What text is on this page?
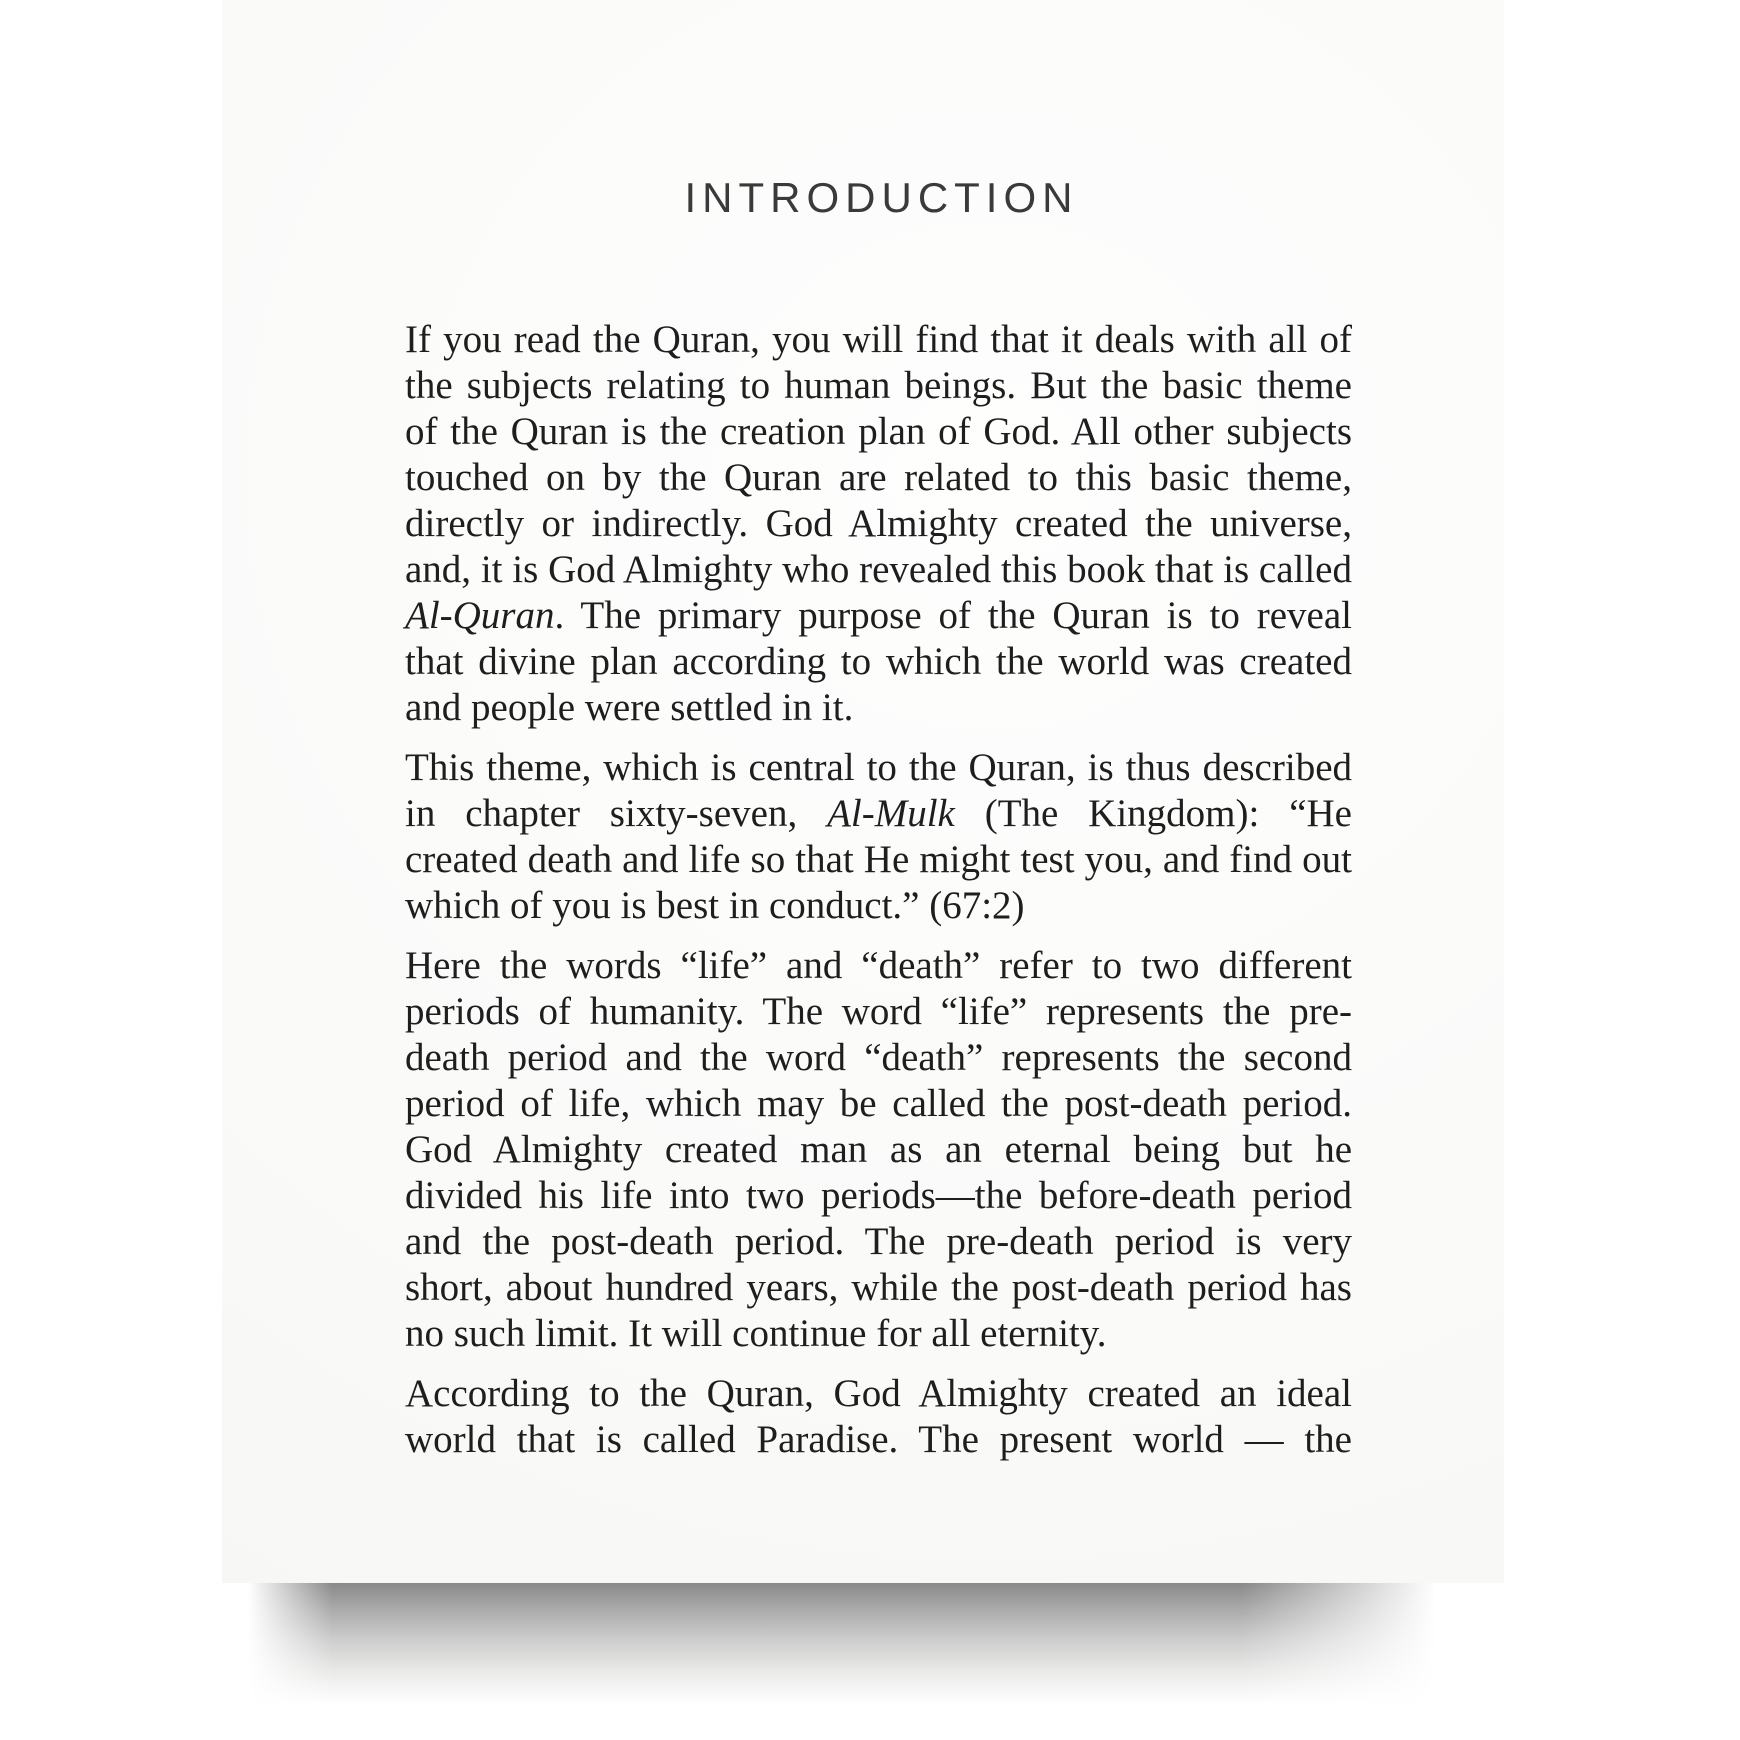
INTRODUCTION

If you read the Quran, you will find that it deals with all of the subjects relating to human beings. But the basic theme of the Quran is the creation plan of God. All other subjects touched on by the Quran are related to this basic theme, directly or indirectly. God Almighty created the universe, and, it is God Almighty who revealed this book that is called Al-Quran. The primary purpose of the Quran is to reveal that divine plan according to which the world was created and people were settled in it.

This theme, which is central to the Quran, is thus described in chapter sixty-seven, Al-Mulk (The Kingdom): “He created death and life so that He might test you, and find out which of you is best in conduct.” (67:2)

Here the words “life” and “death” refer to two different periods of humanity. The word “life” represents the pre-death period and the word “death” represents the second period of life, which may be called the post-death period. God Almighty created man as an eternal being but he divided his life into two periods—the before-death period and the post-death period. The pre-death period is very short, about hundred years, while the post-death period has no such limit. It will continue for all eternity.

According to the Quran, God Almighty created an ideal world that is called Paradise. The present world — the
